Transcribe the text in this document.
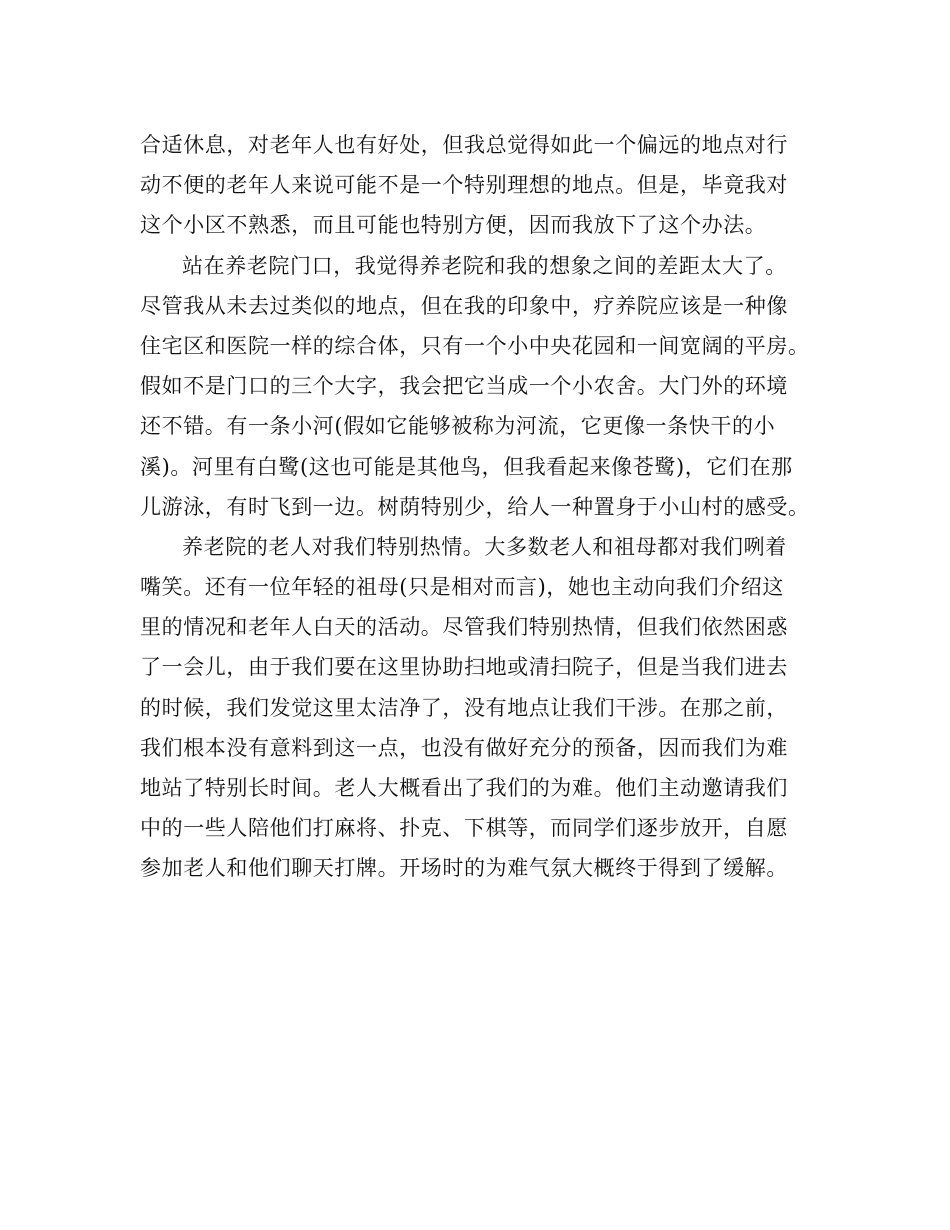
合适休息，对老年人也有好处，但我总觉得如此一个偏远的地点对行
动不便的老年人来说可能不是一个特别理想的地点。但是，毕竟我对
这个小区不熟悉，而且可能也特别方便，因而我放下了这个办法。
站在养老院门口，我觉得养老院和我的想象之间的差距太大了。
尽管我从未去过类似的地点，但在我的印象中，疗养院应该是一种像
住宅区和医院一样的综合体，只有一个小中央花园和一间宽阔的平房。
假如不是门口的三个大字，我会把它当成一个小农舍。大门外的环境
还不错。有一条小河(假如它能够被称为河流，它更像一条快干的小
溪)。河里有白鹭(这也可能是其他鸟，但我看起来像苍鹭)，它们在那
儿游泳，有时飞到一边。树荫特别少，给人一种置身于小山村的感受。
养老院的老人对我们特别热情。大多数老人和祖母都对我们咧着
嘴笑。还有一位年轻的祖母(只是相对而言)，她也主动向我们介绍这
里的情况和老年人白天的活动。尽管我们特别热情，但我们依然困惑
了一会儿，由于我们要在这里协助扫地或清扫院子，但是当我们进去
的时候，我们发觉这里太洁净了，没有地点让我们干涉。在那之前，
我们根本没有意料到这一点，也没有做好充分的预备，因而我们为难
地站了特别长时间。老人大概看出了我们的为难。他们主动邀请我们
中的一些人陪他们打麻将、扑克、下棋等，而同学们逐步放开，自愿
参加老人和他们聊天打牌。开场时的为难气氛大概终于得到了缓解。
